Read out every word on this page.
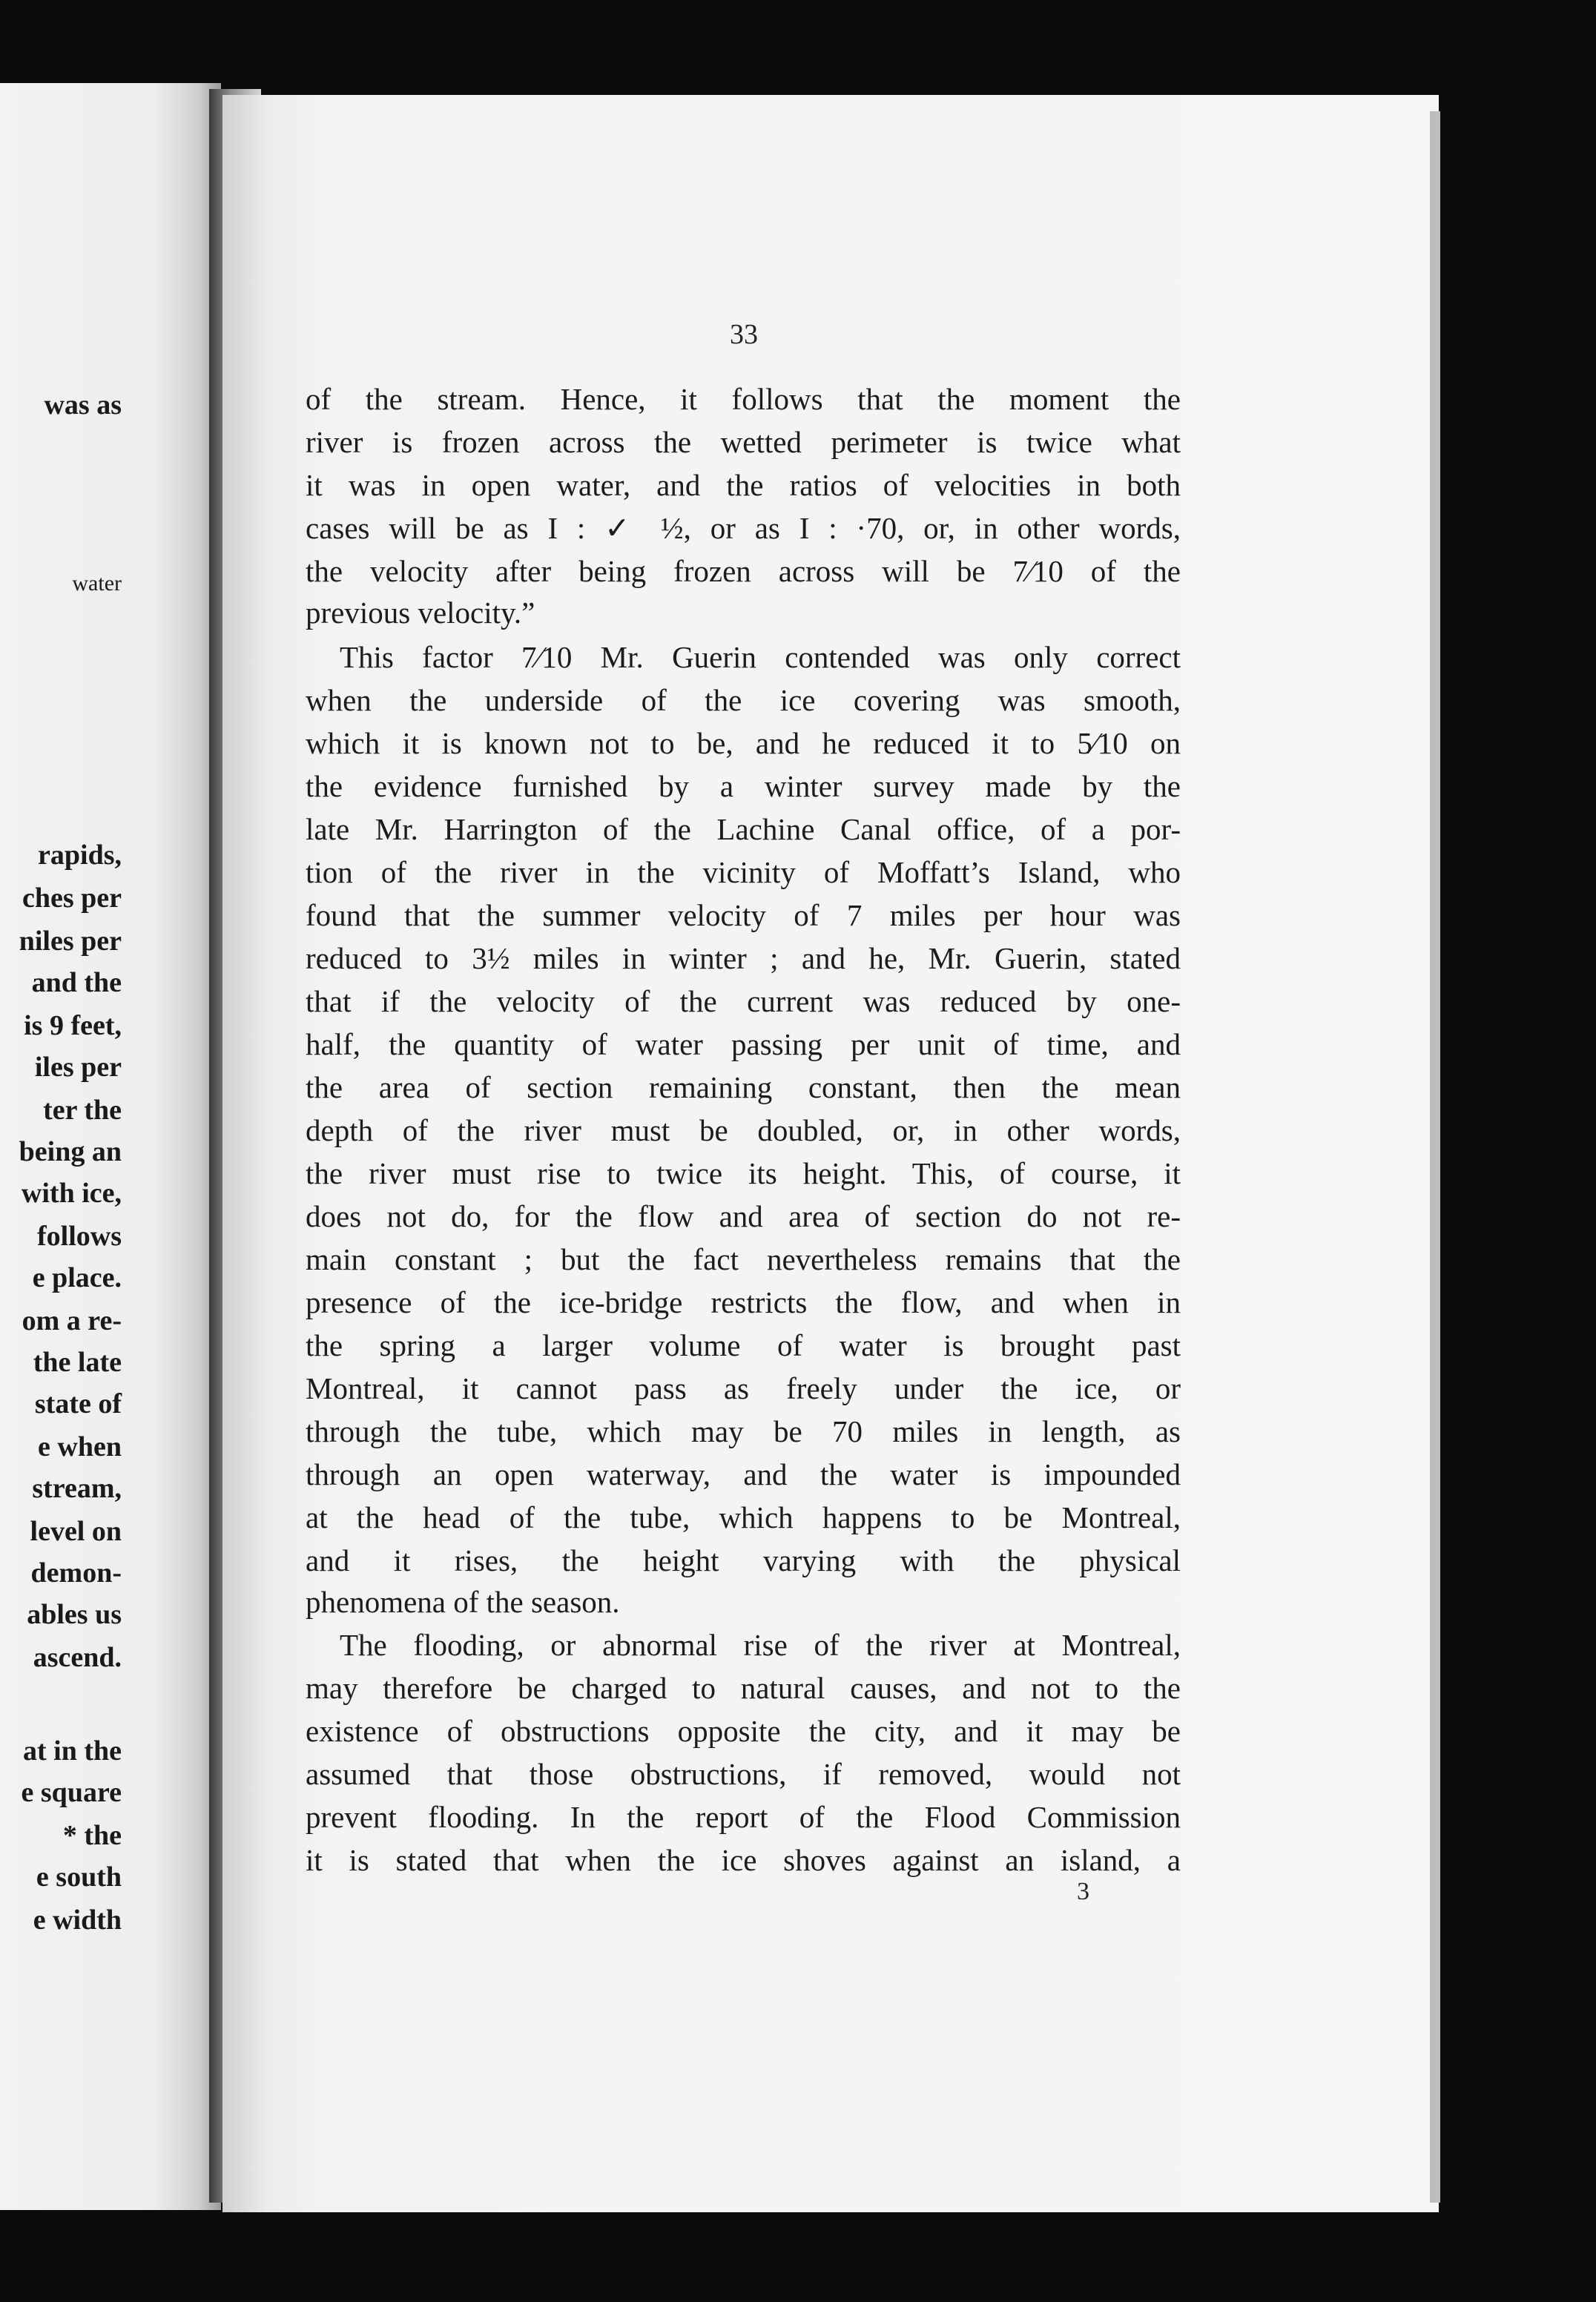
was as

water

rapids,

ches per

niles per

and the

is 9 feet,

iles per

ter the

being an

with ice,

follows

e place.

om a re-

the late

state of

e when

stream,

level on

demon-

ables us

ascend.

at in the

e square

* the

e south

e width

33

of the stream. Hence, it follows that the moment the

river is frozen across the wetted perimeter is twice what

it was in open water, and the ratios of velocities in both

cases will be as I : ✓ ½, or as I : ·70, or, in other words,

the velocity after being frozen across will be 7⁄10 of the

previous velocity.”

This factor 7⁄10 Mr. Guerin contended was only correct

when the underside of the ice covering was smooth,

which it is known not to be, and he reduced it to 5⁄10 on

the evidence furnished by a winter survey made by the

late Mr. Harrington of the Lachine Canal office, of a por-

tion of the river in the vicinity of Moffatt’s Island, who

found that the summer velocity of 7 miles per hour was

reduced to 3½ miles in winter ; and he, Mr. Guerin, stated

that if the velocity of the current was reduced by one-

half, the quantity of water passing per unit of time, and

the area of section remaining constant, then the mean

depth of the river must be doubled, or, in other words,

the river must rise to twice its height. This, of course, it

does not do, for the flow and area of section do not re-

main constant ; but the fact nevertheless remains that the

presence of the ice-bridge restricts the flow, and when in

the spring a larger volume of water is brought past

Montreal, it cannot pass as freely under the ice, or

through the tube, which may be 70 miles in length, as

through an open waterway, and the water is impounded

at the head of the tube, which happens to be Montreal,

and it rises, the height varying with the physical

phenomena of the season.

The flooding, or abnormal rise of the river at Montreal,

may therefore be charged to natural causes, and not to the

existence of obstructions opposite the city, and it may be

assumed that those obstructions, if removed, would not

prevent flooding. In the report of the Flood Commission

it is stated that when the ice shoves against an island, a

3
